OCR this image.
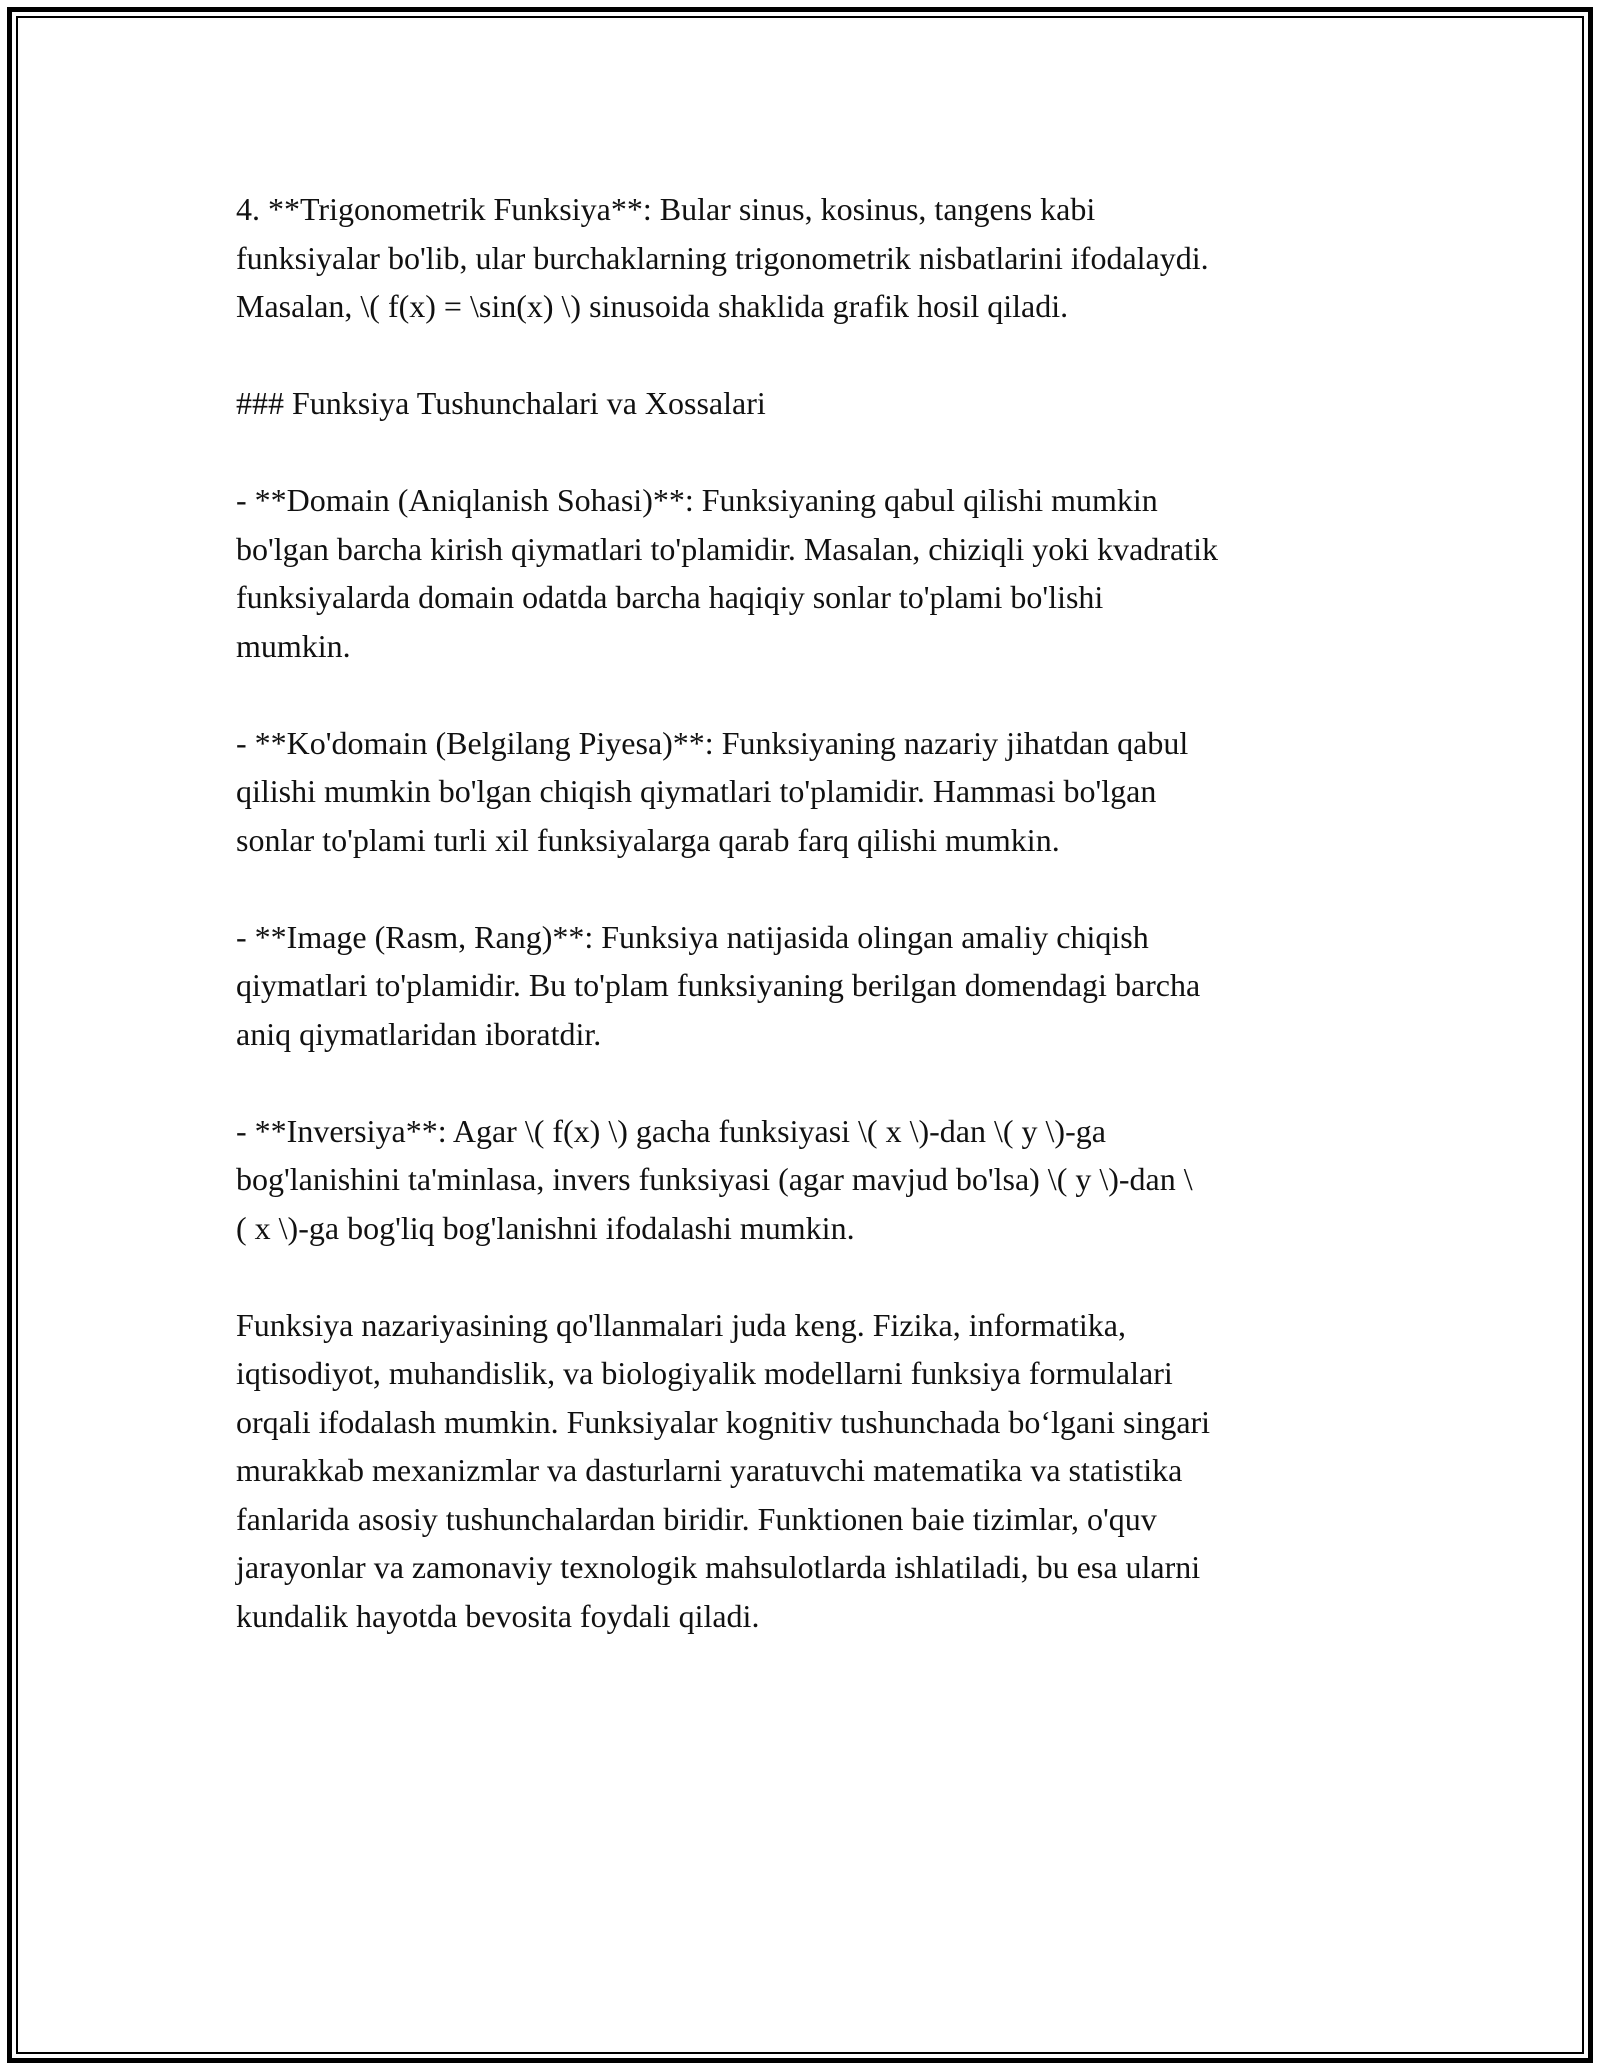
4. **Trigonometrik Funksiya**: Bular sinus, kosinus, tangens kabi
funksiyalar bo'lib, ular burchaklarning trigonometrik nisbatlarini ifodalaydi.
Masalan, \( f(x) = \sin(x) \) sinusoida shaklida grafik hosil qiladi.

### Funksiya Tushunchalari va Xossalari

- **Domain (Aniqlanish Sohasi)**: Funksiyaning qabul qilishi mumkin
bo'lgan barcha kirish qiymatlari to'plamidir. Masalan, chiziqli yoki kvadratik
funksiyalarda domain odatda barcha haqiqiy sonlar to'plami bo'lishi
mumkin.

- **Ko'domain (Belgilang Piyesa)**: Funksiyaning nazariy jihatdan qabul
qilishi mumkin bo'lgan chiqish qiymatlari to'plamidir. Hammasi bo'lgan
sonlar to'plami turli xil funksiyalarga qarab farq qilishi mumkin.

- **Image (Rasm, Rang)**: Funksiya natijasida olingan amaliy chiqish
qiymatlari to'plamidir. Bu to'plam funksiyaning berilgan domendagi barcha
aniq qiymatlaridan iboratdir.

- **Inversiya**: Agar \( f(x) \) gacha funksiyasi \( x \)-dan \( y \)-ga
bog'lanishini ta'minlasa, invers funksiyasi (agar mavjud bo'lsa) \( y \)-dan \
( x \)-ga bog'liq bog'lanishni ifodalashi mumkin.

Funksiya nazariyasining qo'llanmalari juda keng. Fizika, informatika,
iqtisodiyot, muhandislik, va biologiyalik modellarni funksiya formulalari
orqali ifodalash mumkin. Funksiyalar kognitiv tushunchada bo‘lgani singari
murakkab mexanizmlar va dasturlarni yaratuvchi matematika va statistika
fanlarida asosiy tushunchalardan biridir. Funktionen baie tizimlar, o'quv
jarayonlar va zamonaviy texnologik mahsulotlarda ishlatiladi, bu esa ularni
kundalik hayotda bevosita foydali qiladi.
